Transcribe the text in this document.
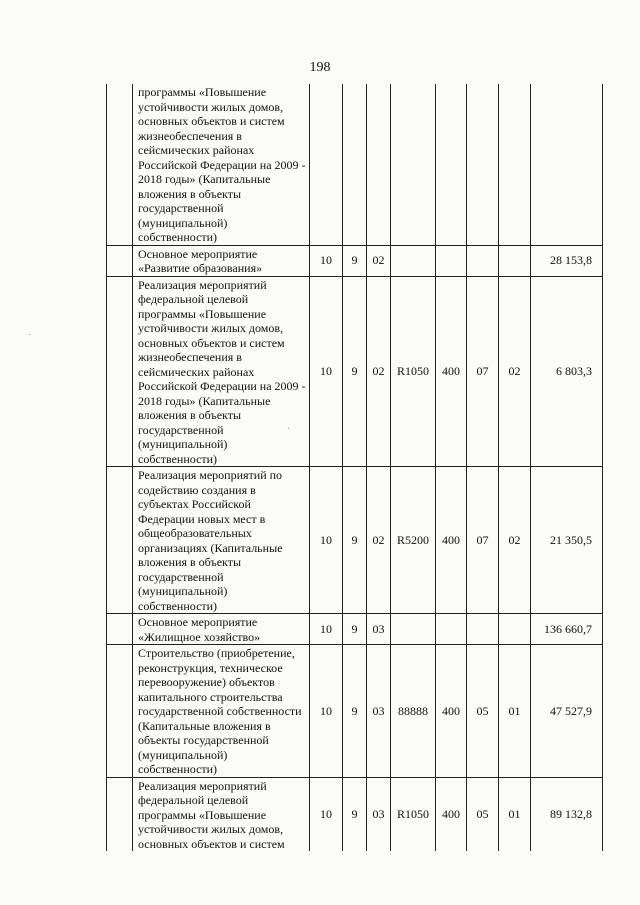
198
	программы «Повышение устойчивости жилых домов, основных объектов и систем жизнеобеспечения в сейсмических районах Российской Федерации на 2009 - 2018 годы» (Капитальные вложения в объекты государственной (муниципальной) собственности)								
	Основное мероприятие «Развитие образования»	10	9	02					28 153,8
	Реализация мероприятий федеральной целевой программы «Повышение устойчивости жилых домов, основных объектов и систем жизнеобеспечения в сейсмических районах Российской Федерации на 2009 - 2018 годы» (Капитальные вложения в объекты государственной (муниципальной) собственности)	10	9	02	R1050	400	07	02	6 803,3
	Реализация мероприятий по содействию создания в субъектах Российской Федерации новых мест в общеобразовательных организациях (Капитальные вложения в объекты государственной (муниципальной) собственности)	10	9	02	R5200	400	07	02	21 350,5
	Основное мероприятие «Жилищное хозяйство»	10	9	03					136 660,7
	Строительство (приобретение, реконструкция, техническое перевооружение) объектов капитального строительства государственной собственности (Капитальные вложения в объекты государственной (муниципальной) собственности)	10	9	03	88888	400	05	01	47 527,9
	Реализация мероприятий федеральной целевой программы «Повышение устойчивости жилых домов, основных объектов и систем	10	9	03	R1050	400	05	01	89 132,8
·
·
